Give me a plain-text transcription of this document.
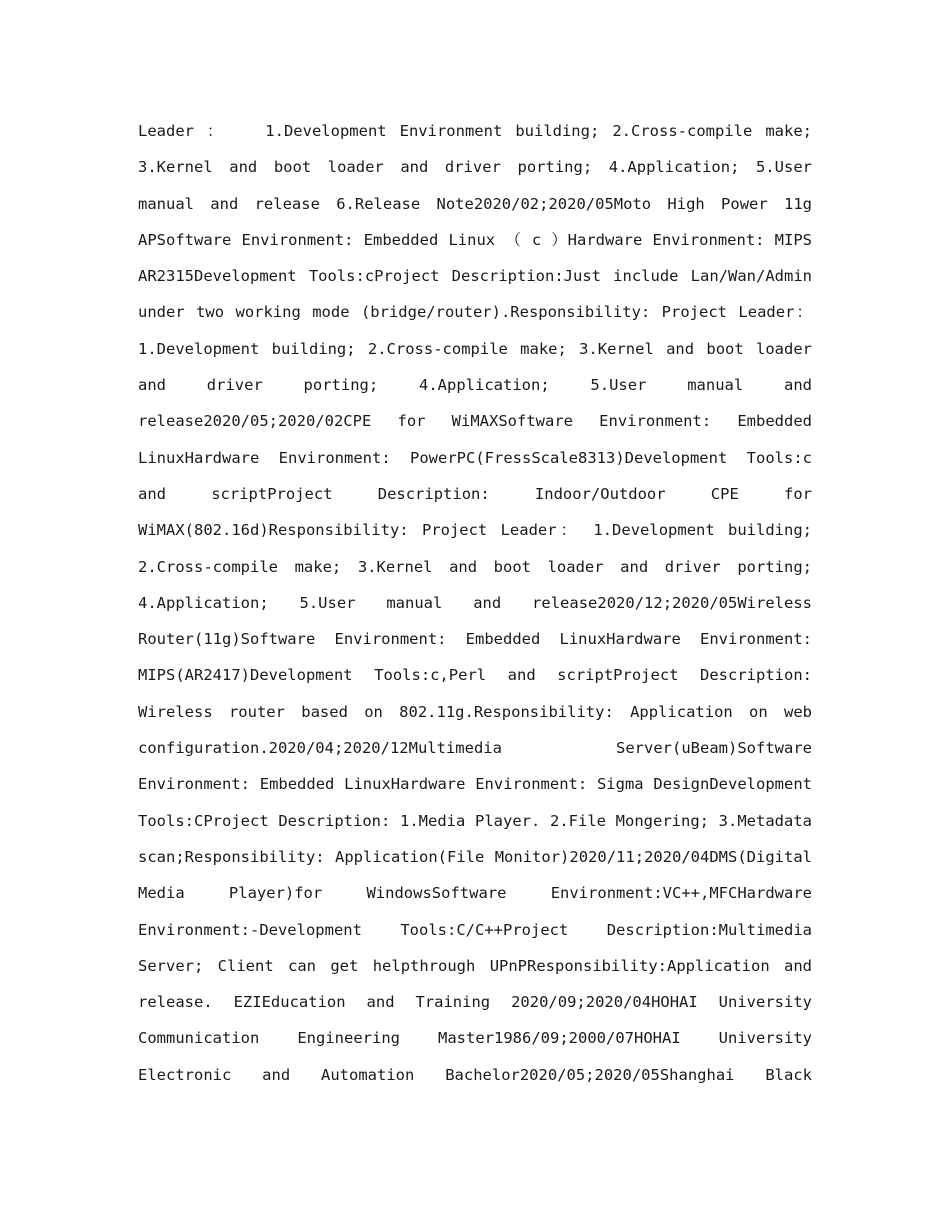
Leader ：   1.Development Environment building; 2.Cross-compile make;
3.Kernel and boot loader and driver porting; 4.Application; 5.User
manual and release 6.Release Note2020/02;2020/05Moto High Power 11g
APSoftware Environment: Embedded Linux （ c ）Hardware Environment: MIPS
AR2315Development Tools:cProject Description:Just include Lan/Wan/Admin
under two working mode (bridge/router).Responsibility: Project Leader：
1.Development building; 2.Cross-compile make; 3.Kernel and boot loader
and driver porting; 4.Application; 5.User manual and
release2020/05;2020/02CPE for WiMAXSoftware Environment: Embedded
LinuxHardware Environment: PowerPC(FressScale8313)Development Tools:c
and scriptProject Description: Indoor/Outdoor CPE for
WiMAX(802.16d)Responsibility: Project Leader： 1.Development building;
2.Cross-compile make; 3.Kernel and boot loader and driver porting;
4.Application; 5.User manual and release2020/12;2020/05Wireless
Router(11g)Software Environment: Embedded LinuxHardware Environment:
MIPS(AR2417)Development Tools:c,Perl and scriptProject Description:
Wireless router based on 802.11g.Responsibility: Application on web
configuration.2020/04;2020/12Multimedia Server(uBeam)Software
Environment: Embedded LinuxHardware Environment: Sigma DesignDevelopment
Tools:CProject Description: 1.Media Player. 2.File Mongering; 3.Metadata
scan;Responsibility: Application(File Monitor)2020/11;2020/04DMS(Digital
Media Player)for WindowsSoftware Environment:VC++,MFCHardware
Environment:-Development Tools:C/C++Project Description:Multimedia
Server; Client can get helpthrough UPnPResponsibility:Application and
release. EZIEducation and Training 2020/09;2020/04HOHAI University
Communication Engineering Master1986/09;2000/07HOHAI University
Electronic and Automation Bachelor2020/05;2020/05Shanghai Black
